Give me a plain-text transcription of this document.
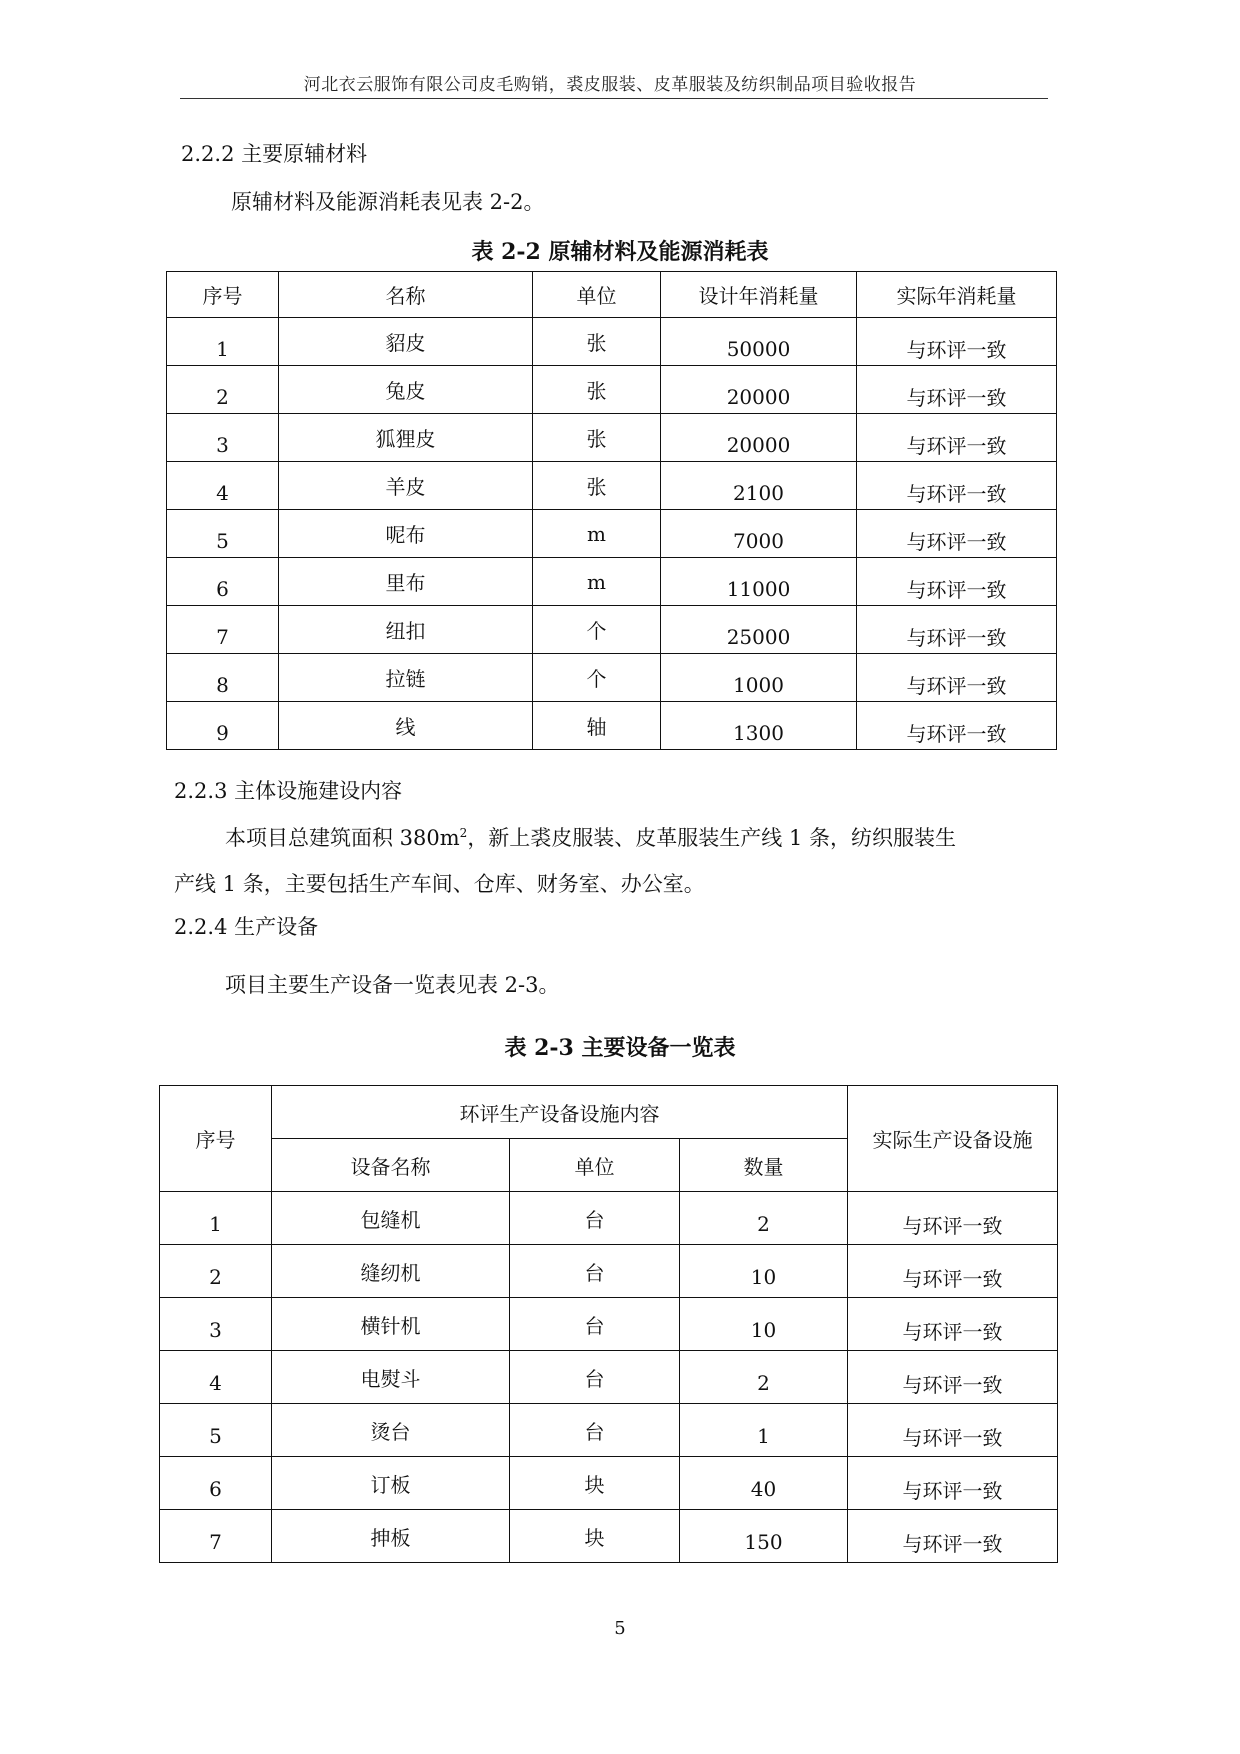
河北衣云服饰有限公司皮毛购销，裘皮服装、皮革服装及纺织制品项目验收报告
2.2.2 主要原辅材料
原辅材料及能源消耗表见表 2-2。
表 2-2 原辅材料及能源消耗表
序号	名称	单位	设计年消耗量	实际年消耗量
1	貂皮	张	50000	与环评一致
2	兔皮	张	20000	与环评一致
3	狐狸皮	张	20000	与环评一致
4	羊皮	张	2100	与环评一致
5	呢布	m	7000	与环评一致
6	里布	m	11000	与环评一致
7	纽扣	个	25000	与环评一致
8	拉链	个	1000	与环评一致
9	线	轴	1300	与环评一致
2.2.3 主体设施建设内容
本项目总建筑面积 $380m^2$，新上裘皮服装、皮革服装生产线 1 条，纺织服装生
产线 1 条，主要包括生产车间、仓库、财务室、办公室。
2.2.4 生产设备
项目主要生产设备一览表见表 2-3。
表 2-3 主要设备一览表
序号	环评生产设备设施内容			实际生产设备设施
	设备名称	单位	数量	
1	包缝机	台	2	与环评一致
2	缝纫机	台	10	与环评一致
3	横针机	台	10	与环评一致
4	电熨斗	台	2	与环评一致
5	烫台	台	1	与环评一致
6	订板	块	40	与环评一致
7	抻板	块	150	与环评一致
5
